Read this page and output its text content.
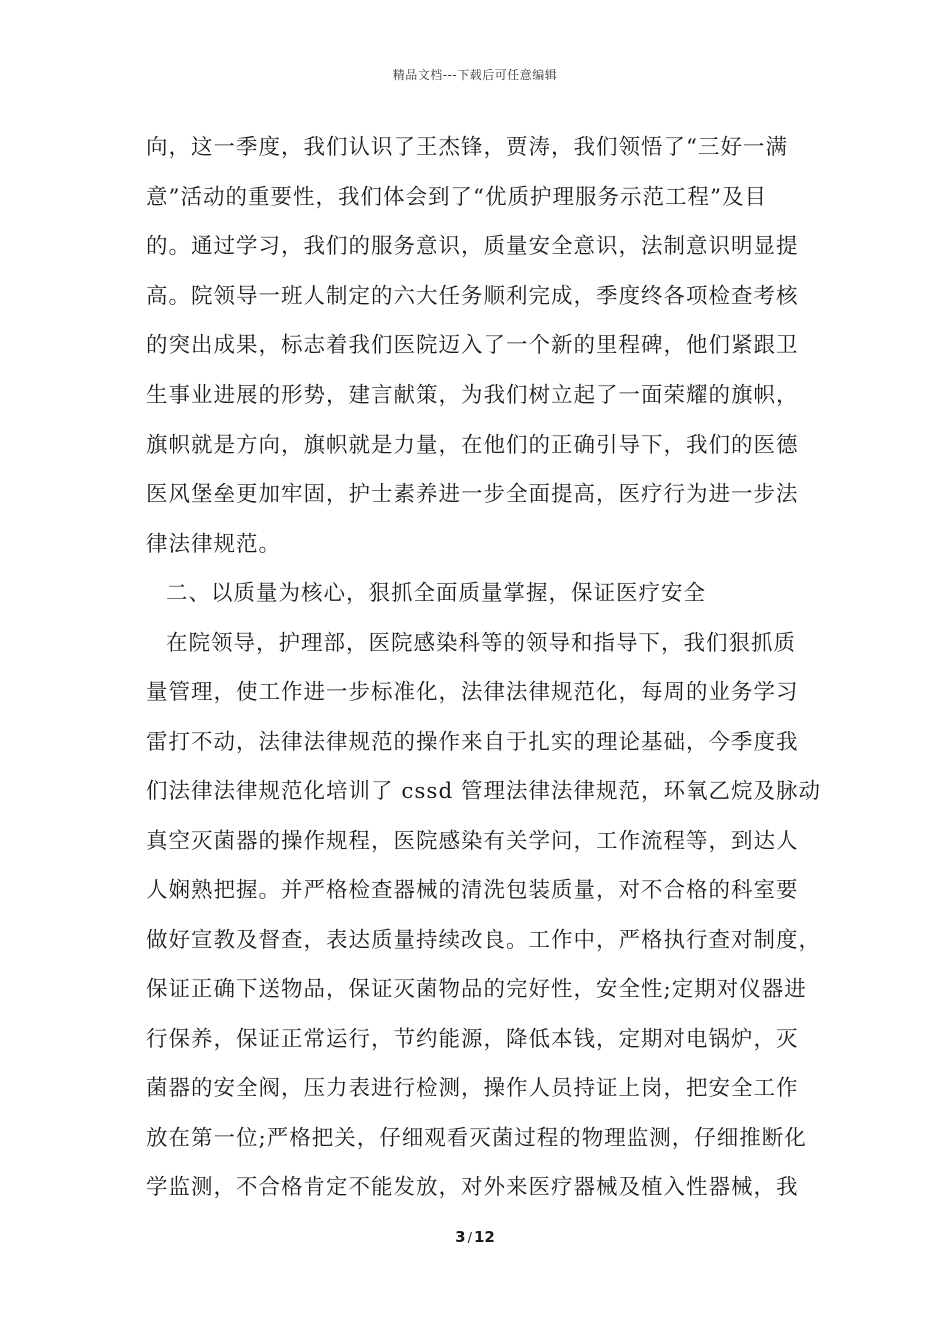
精品文档---下载后可任意编辑
向，这一季度，我们认识了王杰锋，贾涛，我们领悟了“三好一满
意”活动的重要性，我们体会到了“优质护理服务示范工程”及目
的。通过学习，我们的服务意识，质量安全意识，法制意识明显提
高。院领导一班人制定的六大任务顺利完成，季度终各项检查考核
的突出成果，标志着我们医院迈入了一个新的里程碑，他们紧跟卫
生事业进展的形势，建言献策，为我们树立起了一面荣耀的旗帜，
旗帜就是方向，旗帜就是力量，在他们的正确引导下，我们的医德
医风堡垒更加牢固，护士素养进一步全面提高，医疗行为进一步法
律法律规范。
二、以质量为核心，狠抓全面质量掌握，保证医疗安全
在院领导，护理部，医院感染科等的领导和指导下，我们狠抓质
量管理，使工作进一步标准化，法律法律规范化，每周的业务学习
雷打不动，法律法律规范的操作来自于扎实的理论基础，今季度我
们法律法律规范化培训了 cssd 管理法律法律规范，环氧乙烷及脉动
真空灭菌器的操作规程，医院感染有关学问，工作流程等，到达人
人娴熟把握。并严格检查器械的清洗包装质量，对不合格的科室要
做好宣教及督查，表达质量持续改良。工作中，严格执行查对制度，
保证正确下送物品，保证灭菌物品的完好性，安全性;定期对仪器进
行保养，保证正常运行，节约能源，降低本钱，定期对电锅炉，灭
菌器的安全阀，压力表进行检测，操作人员持证上岗，把安全工作
放在第一位;严格把关，仔细观看灭菌过程的物理监测，仔细推断化
学监测，不合格肯定不能发放，对外来医疗器械及植入性器械，我
3 / 12
